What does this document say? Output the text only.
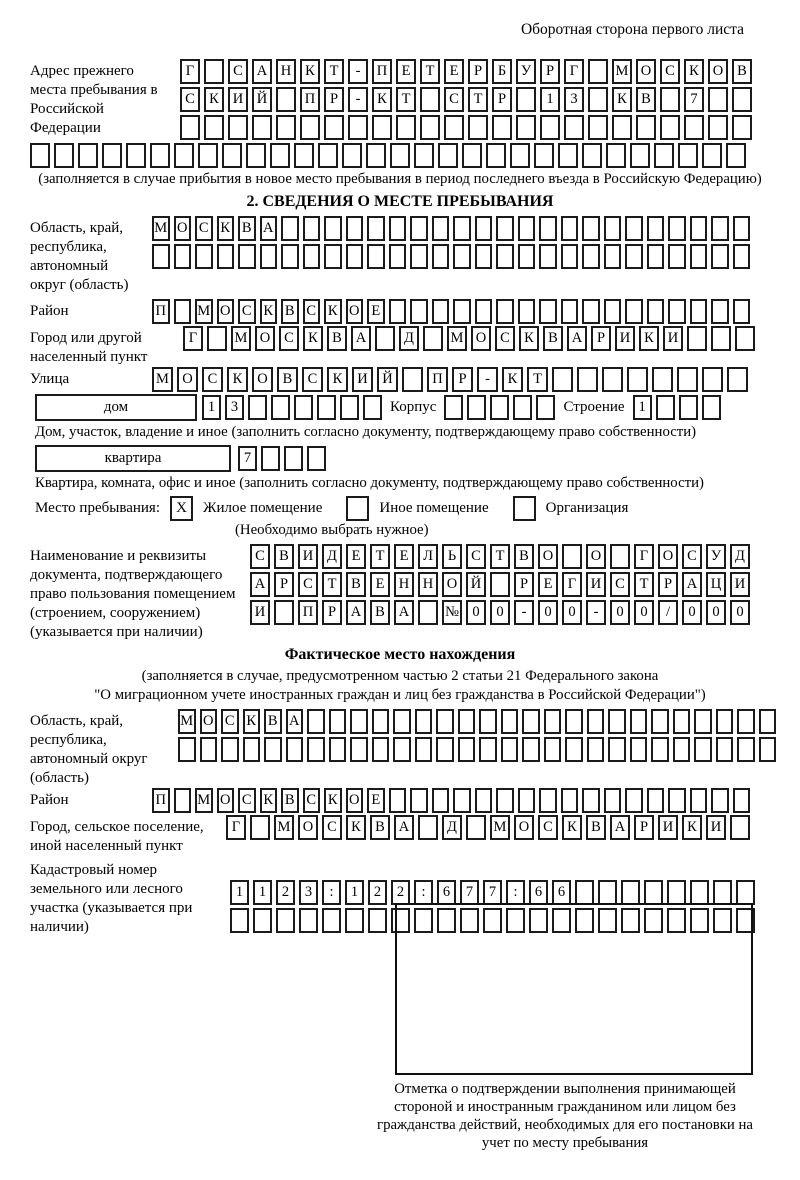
Оборотная сторона первого листа
Адрес прежнего места пребывания в Российской Федерации
Г	С А Н К	Т	-	П Е	Т	Е	Р	Б	У	Р	Г	М О С К О В
С К И Й	П	Р	-	К	Т	С	Т	Р	1	3	К В	7
(заполняется в случае прибытия в новое место пребывания в период последнего въезда в Российскую Федерацию)
2. СВЕДЕНИЯ О МЕСТЕ ПРЕБЫВАНИЯ
Область, край, республика, автономный округ (область)
М О С К В А
Район	П М О С К В С К О Е
Город или другой населенный пункт
Г	М О С К В А	Д	М О С К В А	Р	И К И
Улица	М О	С	К	О	В	С	К	И	Й	П	Р	-	К	Т
дом	1	3	Корпус	Строение 1
Дом, участок, владение и иное (заполнить согласно документу, подтверждающему право собственности)
квартира	7
Квартира, комната, офис и иное (заполнить согласно документу, подтверждающему право собственности)
Место пребывания:	X	Жилое помещение	Иное помещение	Организация
(Необходимо выбрать нужное)
Наименование и реквизиты документа, подтверждающего право пользования помещением (строением, сооружением) (указывается при наличии)
С В И Д	Е	Т	Е	Л	Ь	С	Т	В О	О	Г	О С У Д
А	Р	С	Т	В	Е Н Н О Й	Р	Е	Г	И С	Т	Р	А Ц И
И	П	Р	А В А	№ 0	0	-	0	0	-	0	0	/	0	0	0
Фактическое место нахождения
(заполняется в случае, предусмотренном частью 2 статьи 21 Федерального закона
"О миграционном учете иностранных граждан и лиц без гражданства в Российской Федерации")
Область, край, республика, автономный округ (область)
М О С К В А
Район	П М О С К В С К О Е
Город, сельское поселение, иной населенный пункт
Г	М О С К В А	Д	М О С К В А	Р	И К И
Кадастровый номер земельного или лесного участка (указывается при наличии)
1	1	2	3	:	1	2	2	:	6	7	7	:	6	6
Отметка о подтверждении выполнения принимающей стороной и иностранным гражданином или лицом без гражданства действий, необходимых для его постановки на учет по месту пребывания
